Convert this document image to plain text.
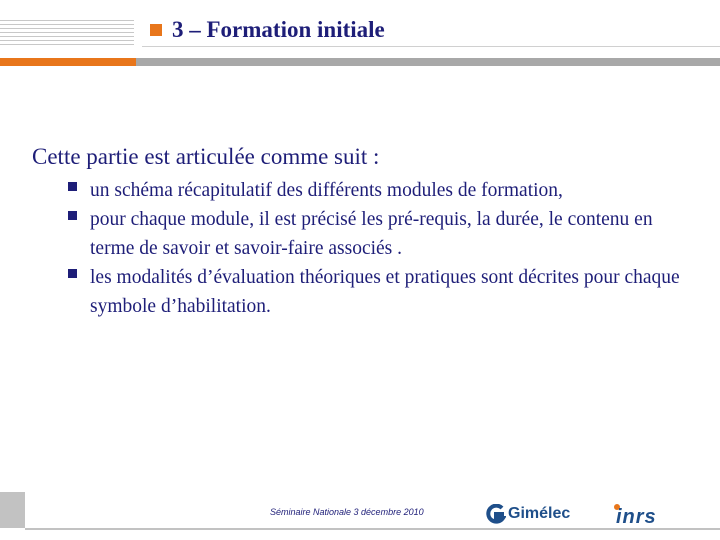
3 – Formation initiale
Cette partie est articulée comme suit :
un schéma récapitulatif des différents modules de formation,
pour chaque module, il est précisé les pré-requis, la durée, le contenu en terme de savoir et savoir-faire associés .
les modalités d’évaluation théoriques et pratiques sont décrites pour chaque symbole d’habilitation.
Séminaire Nationale 3 décembre 2010	Gimélec inrs
